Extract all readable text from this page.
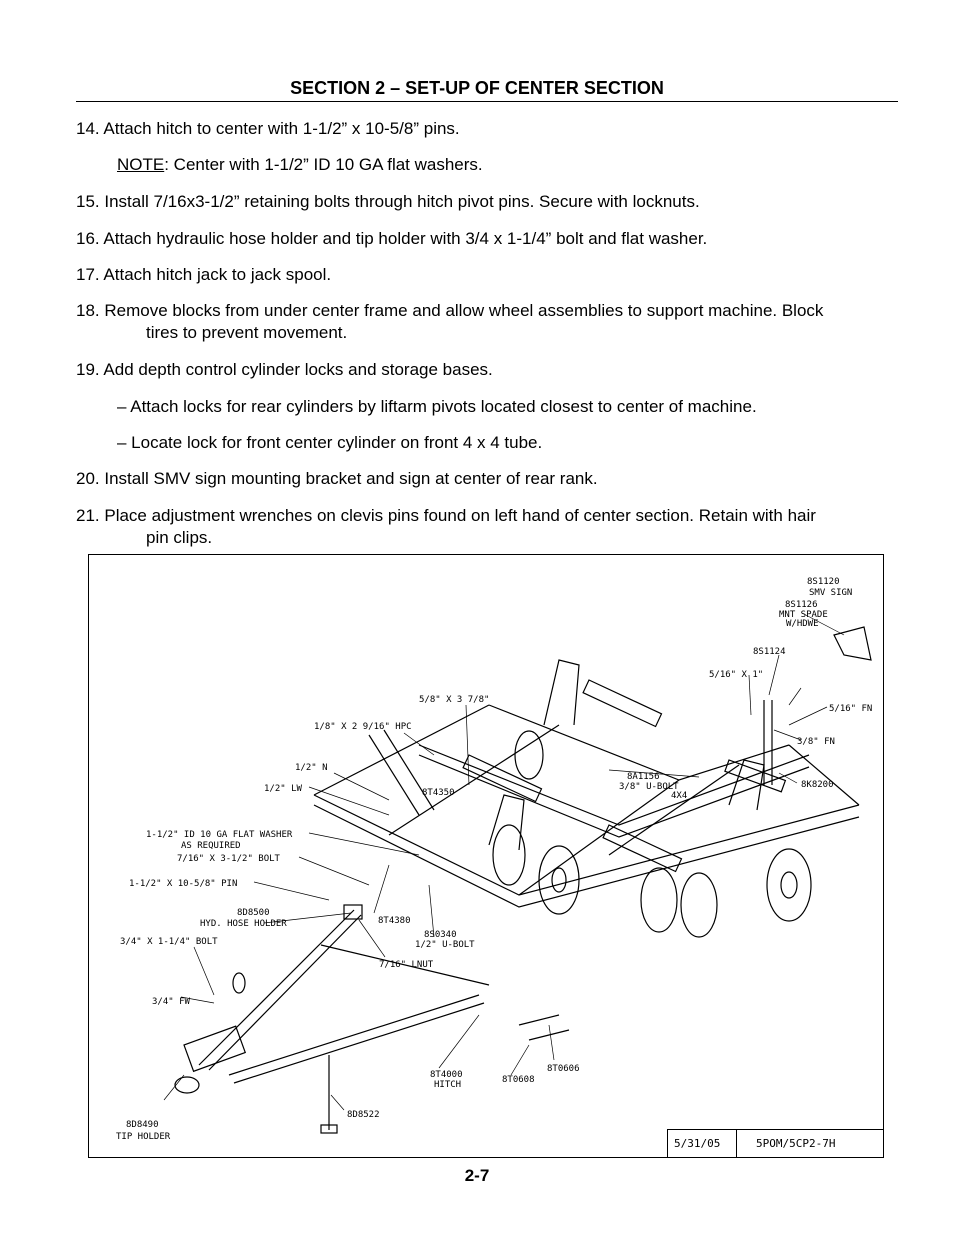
SECTION 2 – SET-UP OF CENTER SECTION
14. Attach hitch to center with 1-1/2” x 10-5/8” pins.
NOTE: Center with 1-1/2” ID 10 GA flat washers.
15. Install 7/16x3-1/2” retaining bolts through hitch pivot pins. Secure with locknuts.
16. Attach hydraulic hose holder and tip holder with 3/4 x 1-1/4” bolt and flat washer.
17. Attach hitch jack to jack spool.
18. Remove blocks from under center frame and allow wheel assemblies to support machine. Block
tires to prevent movement.
19. Add depth control cylinder locks and storage bases.
– Attach locks for rear cylinders by liftarm pivots located closest to center of machine.
– Locate lock for front center cylinder on front 4 x 4 tube.
20. Install SMV sign mounting bracket and sign at center of rear rank.
21. Place adjustment wrenches on clevis pins found on left hand of center section. Retain with hair
pin clips.
8S1120
SMV SIGN
8S1126
MNT SPADE
W/HDWE
8S1124
5/16" X 1"
5/16" FN
3/8" FN
5/8" X 3 7/8"
1/8" X 2 9/16" HPC
1/2" N
1/2" LW	8T4350
8A1156
3/8" U-BOLT
4X4
8K8200
1-1/2" ID 10 GA FLAT WASHER
AS REQUIRED
7/16" X 3-1/2" BOLT
1-1/2" X 10-5/8" PIN
8D8500
HYD. HOSE HOLDER	8T4380
8S0340
1/2" U-BOLT
3/4" X 1-1/4" BOLT
7/16" LNUT
3/4" FW
8T4000
HITCH
8T0606
8T0608
8D8490
TIP HOLDER
8D8522
5/31/05	5POM/5CP2-7H
2-7
